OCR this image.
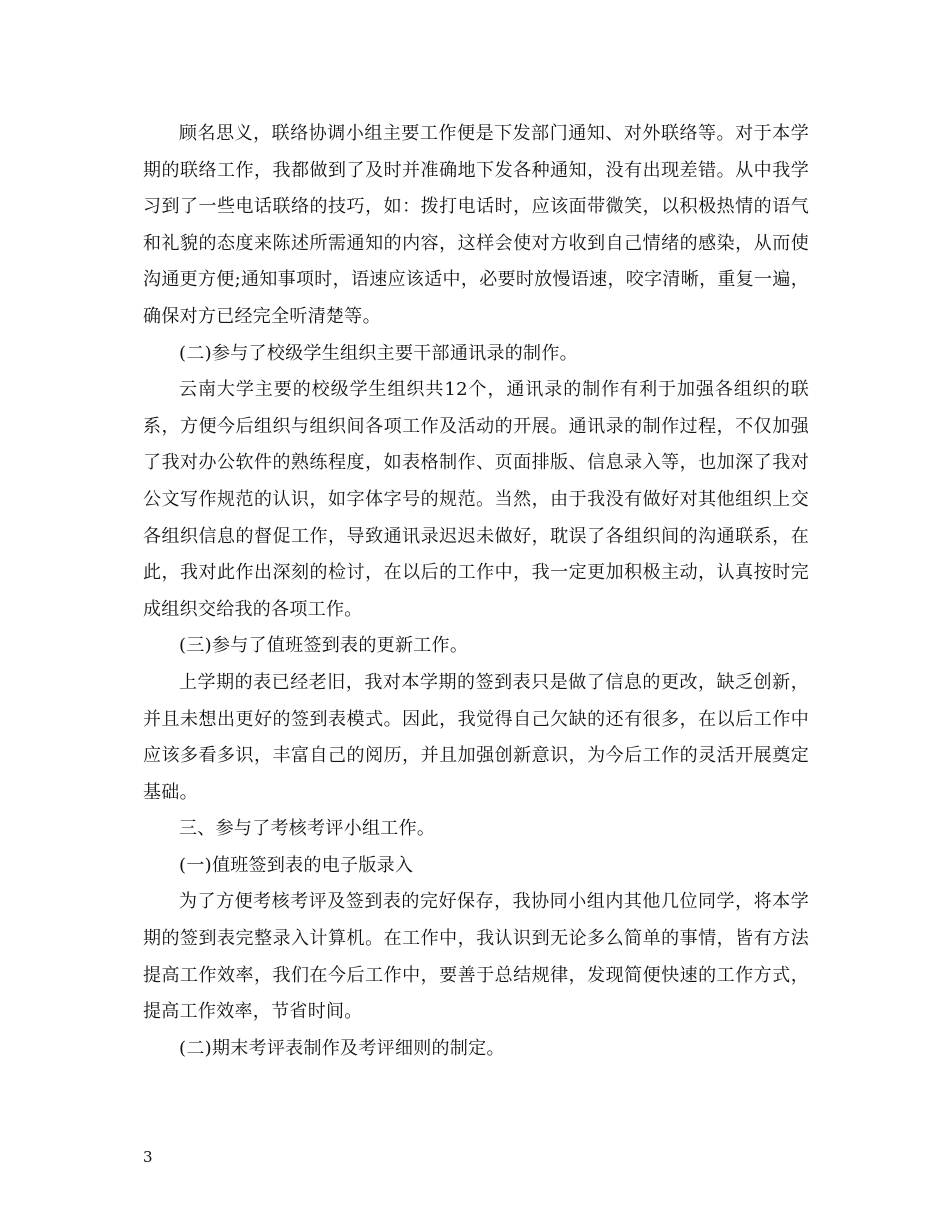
顾名思义，联络协调小组主要工作便是下发部门通知、对外联络等。对于本学期的联络工作，我都做到了及时并准确地下发各种通知，没有出现差错。从中我学习到了一些电话联络的技巧，如：拨打电话时，应该面带微笑，以积极热情的语气和礼貌的态度来陈述所需通知的内容，这样会使对方收到自己情绪的感染，从而使沟通更方便;通知事项时，语速应该适中，必要时放慢语速，咬字清晰，重复一遍，确保对方已经完全听清楚等。

(二)参与了校级学生组织主要干部通讯录的制作。

云南大学主要的校级学生组织共12个，通讯录的制作有利于加强各组织的联系，方便今后组织与组织间各项工作及活动的开展。通讯录的制作过程，不仅加强了我对办公软件的熟练程度，如表格制作、页面排版、信息录入等，也加深了我对公文写作规范的认识，如字体字号的规范。当然，由于我没有做好对其他组织上交各组织信息的督促工作，导致通讯录迟迟未做好，耽误了各组织间的沟通联系，在此，我对此作出深刻的检讨，在以后的工作中，我一定更加积极主动，认真按时完成组织交给我的各项工作。

(三)参与了值班签到表的更新工作。

上学期的表已经老旧，我对本学期的签到表只是做了信息的更改，缺乏创新，并且未想出更好的签到表模式。因此，我觉得自己欠缺的还有很多，在以后工作中应该多看多识，丰富自己的阅历，并且加强创新意识，为今后工作的灵活开展奠定基础。

三、参与了考核考评小组工作。

(一)值班签到表的电子版录入

为了方便考核考评及签到表的完好保存，我协同小组内其他几位同学，将本学期的签到表完整录入计算机。在工作中，我认识到无论多么简单的事情，皆有方法提高工作效率，我们在今后工作中，要善于总结规律，发现简便快速的工作方式，提高工作效率，节省时间。

(二)期末考评表制作及考评细则的制定。

3
